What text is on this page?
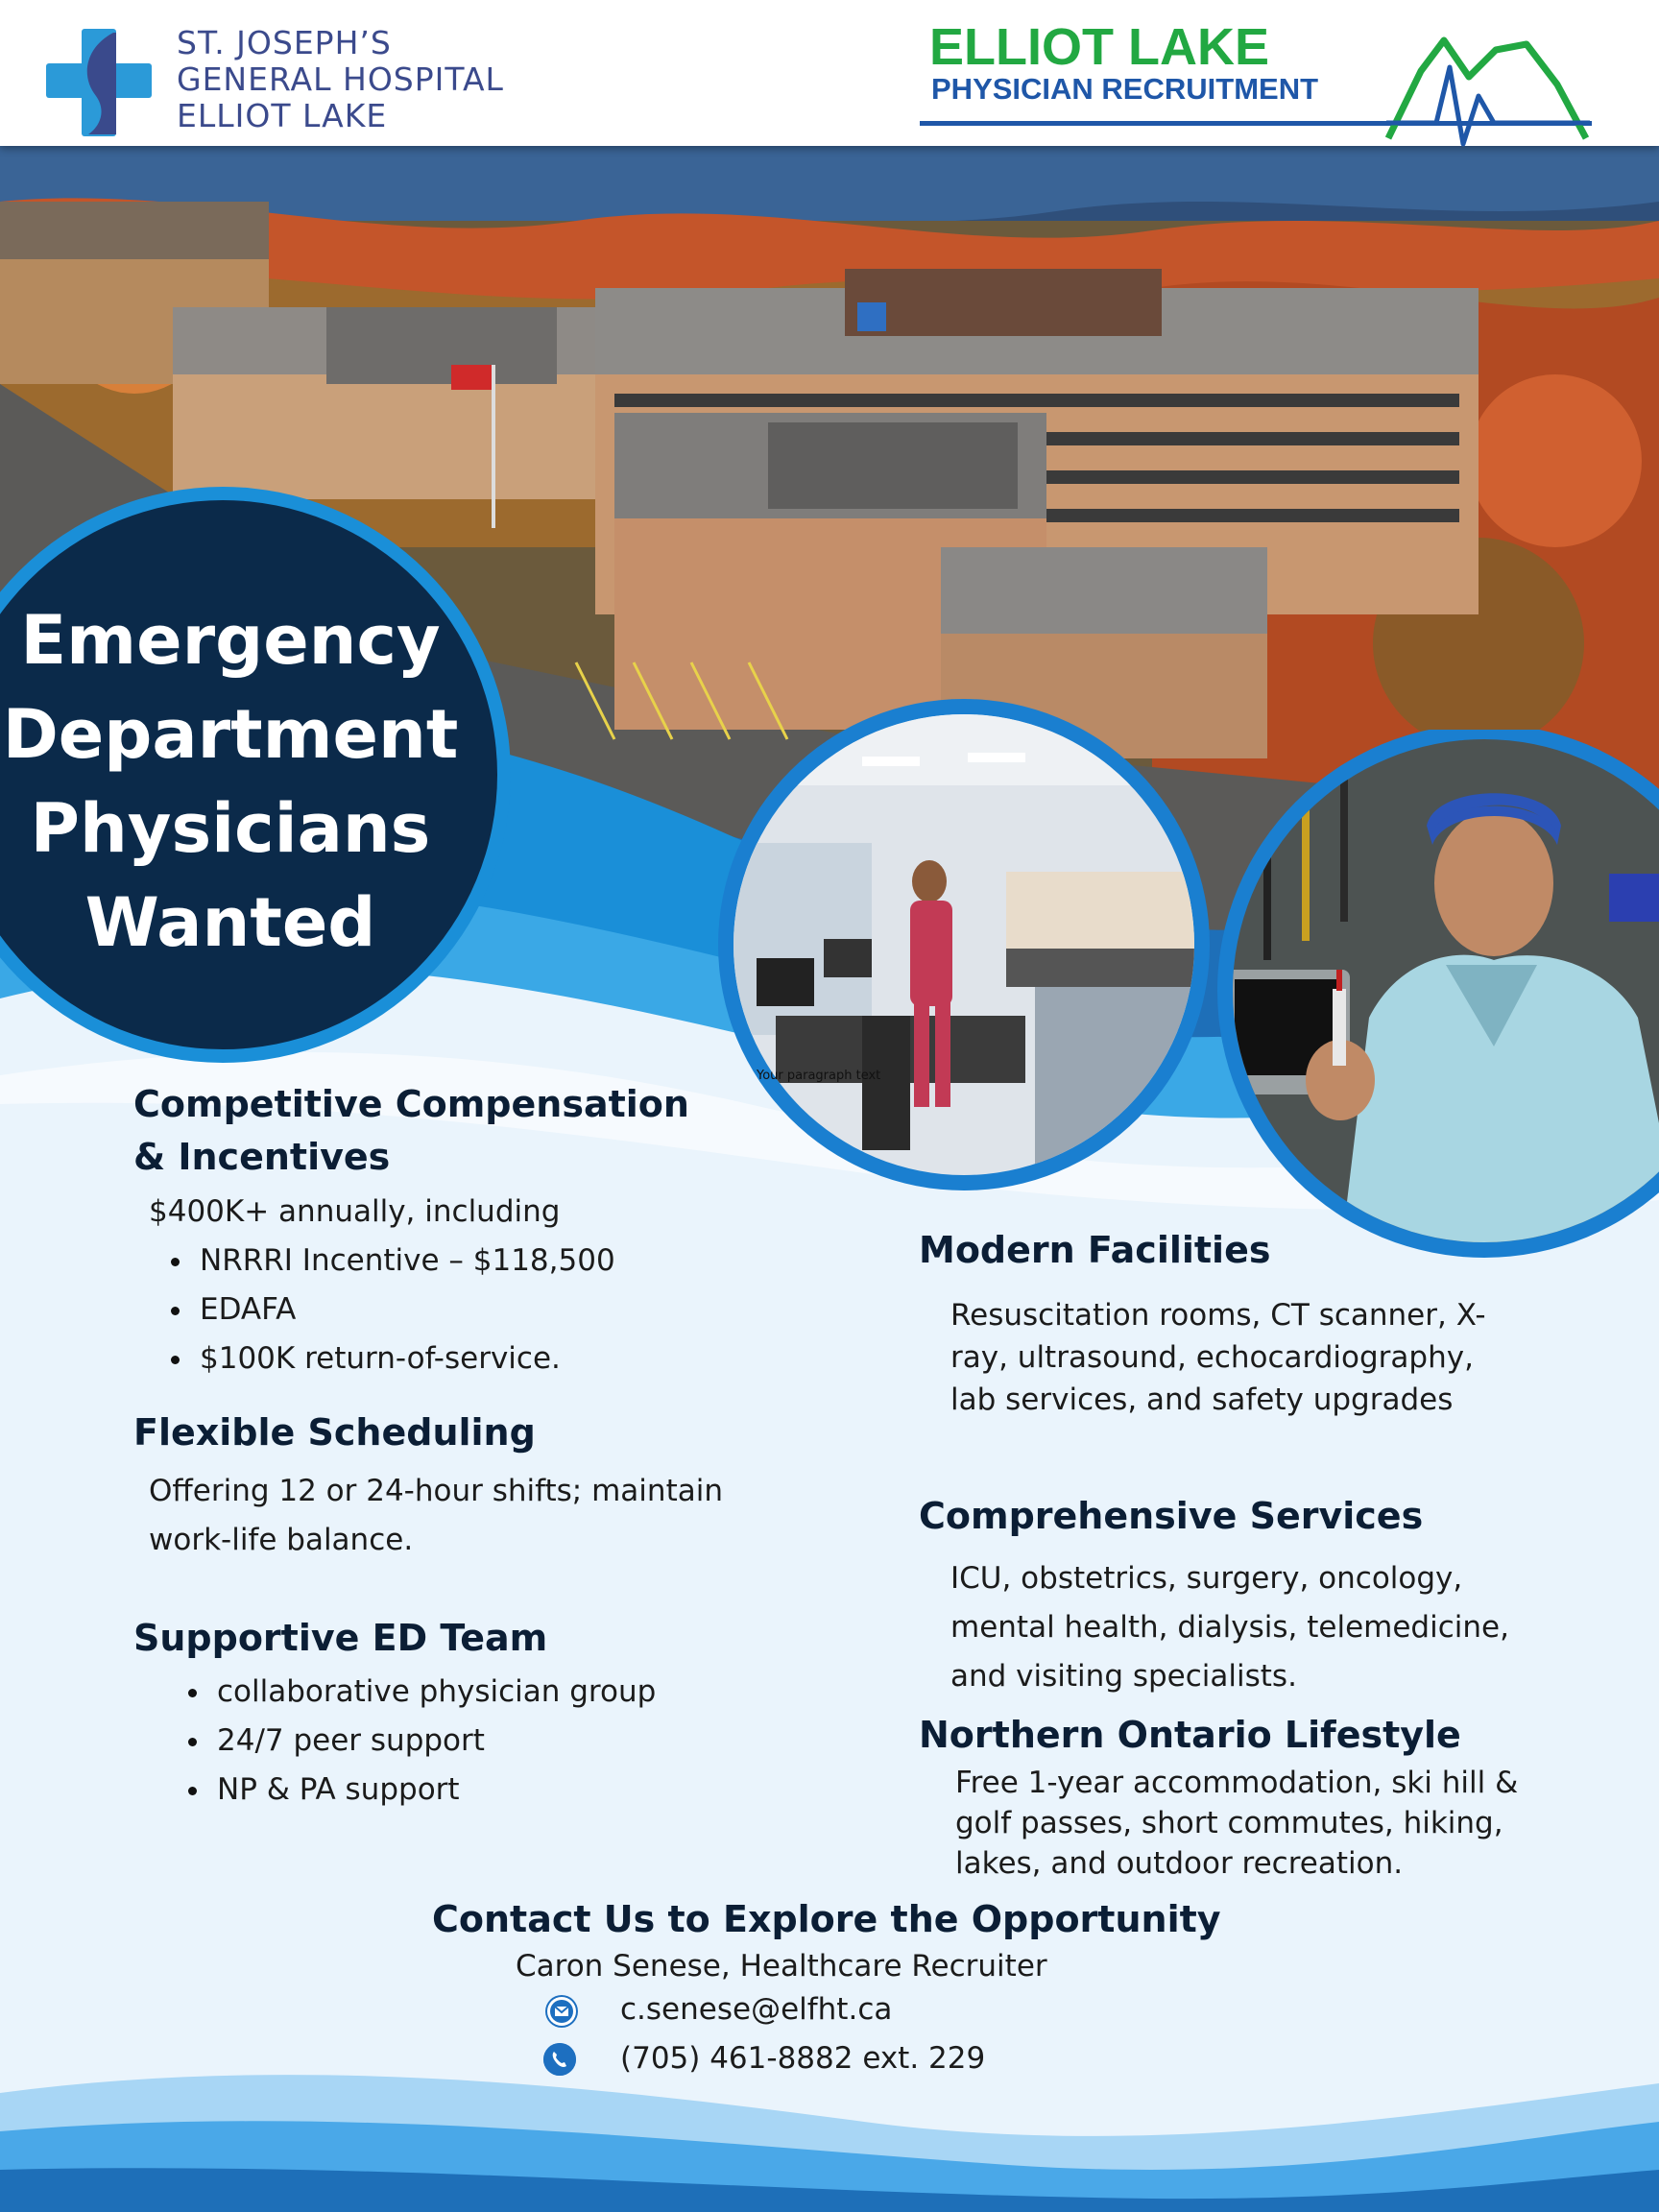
ST. JOSEPH’S
GENERAL HOSPITAL
ELLIOT LAKE
ELLIOT LAKE
PHYSICIAN RECRUITMENT
Emergency
Department
Physicians
Wanted
Your paragraph text
Competitive Compensation
& Incentives
$400K+ annually, including
NRRRI Incentive – $118,500
EDAFA
$100K return-of-service.
Flexible Scheduling
Offering 12 or 24-hour shifts; maintain
work-life balance.
Supportive ED Team
collaborative physician group
24/7 peer support
NP & PA support
Modern Facilities
Resuscitation rooms, CT scanner, X-
ray, ultrasound, echocardiography,
lab services, and safety upgrades
Comprehensive Services
ICU, obstetrics, surgery, oncology,
mental health, dialysis, telemedicine,
and visiting specialists.
Northern Ontario Lifestyle
Free 1-year accommodation, ski hill &
golf passes, short commutes, hiking,
lakes, and outdoor recreation.
Contact Us to Explore the Opportunity
Caron Senese, Healthcare Recruiter
c.senese@elfht.ca
(705) 461-8882 ext. 229
